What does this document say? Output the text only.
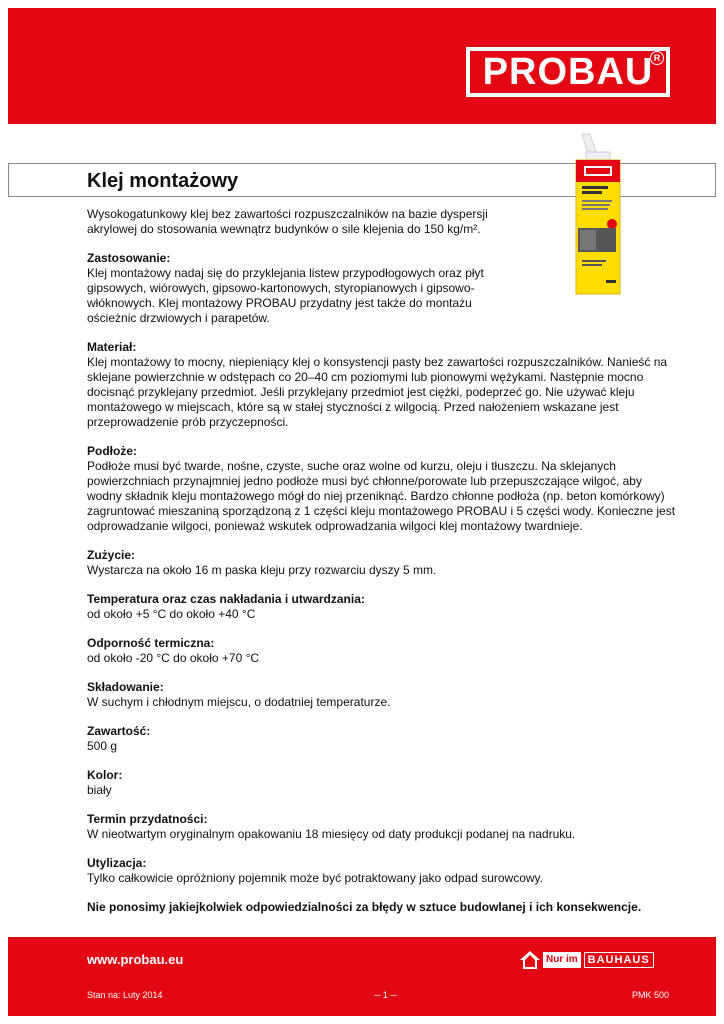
PROBAU R
Klej montażowy

Wysokogatunkowy klej bez zawartości rozpuszczalników na bazie dyspersji akrylowej do stosowania wewnątrz budynków o sile klejenia do 150 kg/m².

Zastosowanie:

Klej montażowy nadaj się do przyklejania listew przypodłogowych oraz płyt gipsowych, wiórowych, gipsowo-kartonowych, styropianowych i gipsowo-włóknowych. Klej montażowy PROBAU przydatny jest także do montażu ościeżnic drzwiowych i parapetów.

Materiał:

Klej montażowy to mocny, niepieniący klej o konsystencji pasty bez zawartości rozpuszczalników. Nanieść na sklejane powierzchnie w odstępach co 20–40 cm poziomymi lub pionowymi wężykami. Następnie mocno docisnąć przyklejany przedmiot. Jeśli przyklejany przedmiot jest ciężki, podeprzeć go. Nie używać kleju montażowego w miejscach, które są w stałej styczności z wilgocią. Przed nałożeniem wskazane jest przeprowadzenie prób przyczepności.

Podłoże:

Podłoże musi być twarde, nośne, czyste, suche oraz wolne od kurzu, oleju i tłuszczu. Na sklejanych powierzchniach przynajmniej jedno podłoże musi być chłonne/porowate lub przepuszczające wilgoć, aby wodny składnik kleju montażowego mógł do niej przeniknąć. Bardzo chłonne podłoża (np. beton komórkowy) zagruntować mieszaniną sporządzoną z 1 części kleju montażowego PROBAU i 5 części wody. Konieczne jest odprowadzanie wilgoci, ponieważ wskutek odprowadzania wilgoci klej montażowy twardnieje.

Zużycie:

Wystarcza na około 16 m paska kleju przy rozwarciu dyszy 5 mm.

Temperatura oraz czas nakładania i utwardzania:

od około +5 °C do około +40 °C

Odporność termiczna:

od około -20 °C do około +70 °C

Składowanie:

W suchym i chłodnym miejscu, o dodatniej temperaturze.

Zawartość:

500 g

Kolor:

biały

Termin przydatności:

W nieotwartym oryginalnym opakowaniu 18 miesięcy od daty produkcji podanej na nadruku.

Utylizacja:

Tylko całkowicie opróżniony pojemnik może być potraktowany jako odpad surowcowy.

Nie ponosimy jakiejkolwiek odpowiedzialności za błędy w sztuce budowlanej i ich konsekwencje.

www.probau.eu	Nur im BAUHAUS
Stan na: Luty 2014	─ 1 ─	PMK 500
